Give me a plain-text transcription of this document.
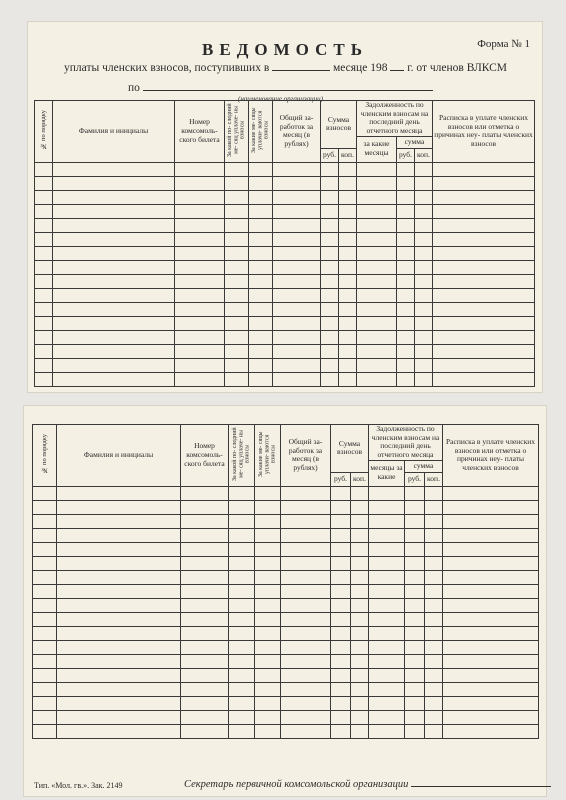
ВЕДОМОСТЬ	Форма № 1
уплаты членских взносов, поступивших в	месяце 198 г. от членов ВЛКСМ
по
(наименование организации)
№ по порядку	Фамилия и инициалы	Номер комсомоль- ского билета	За какой по- следний ме- сяц уплаче- ны взносы	За какие ме- сяцы уплачи- ваются взносы	Общий за- работок за месяц (в рублях)	Сумма взносов		Задолженность по членским взносам на последний день отчетного месяца			Расписка в уплате членских взносов или отметка о причинах неу- платы членских взносов
								за какие месяцы	сумма		
						руб.	коп.		руб.	коп.	

№ по порядку	Фамилия и инициалы	Номер комсомоль- ского билета	За какой по- следний ме- сяц уплаче- ны взносы	За какие ме- сяцы уплачи- ваются взносы	Общий за- работок за месяц (в рублях)	Сумма взносов		Задолженность по членским взносам на последний день отчетного месяца			Расписка в уплате членских взносов или отметка о причинах неу- платы членских взносов
								месяцы за какие	сумма		
						руб.	коп.		руб.	коп.	

Тип. «Мол. гв.». Зак. 2149	Секретарь первичной комсомольской организации
